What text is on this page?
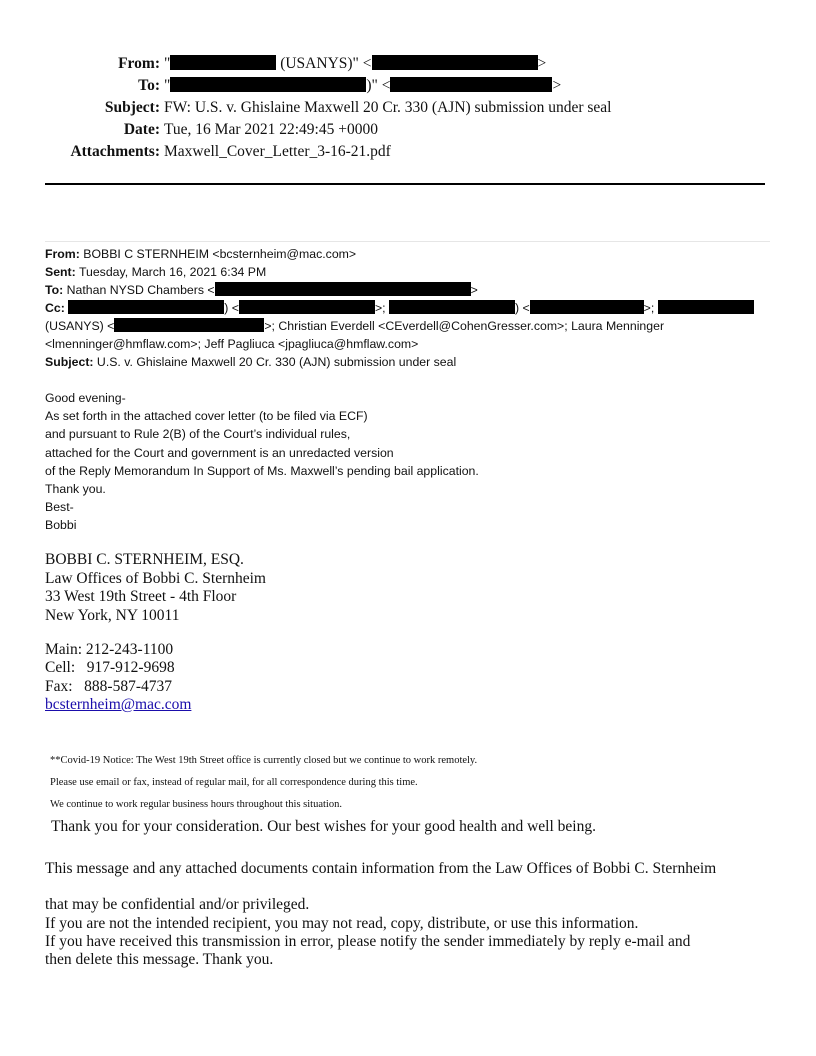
From: "	(USANYS)" <	>
To: "	)" <	>
Subject: FW: U.S. v. Ghislaine Maxwell 20 Cr. 330 (AJN) submission under seal
Date: Tue, 16 Mar 2021 22:49:45 +0000
Attachments: Maxwell_Cover_Letter_3-16-21.pdf
From: BOBBI C STERNHEIM <bcsternheim@mac.com>
Sent: Tuesday, March 16, 2021 6:34 PM
To: Nathan NYSD Chambers <	>
Cc:	) <	>;	) <	>;
(USANYS) <	>; Christian Everdell <CEverdell@CohenGresser.com>; Laura Menninger
<lmenninger@hmflaw.com>; Jeff Pagliuca <jpagliuca@hmflaw.com>
Subject: U.S. v. Ghislaine Maxwell 20 Cr. 330 (AJN) submission under seal
Good evening-
As set forth in the attached cover letter (to be filed via ECF)
and pursuant to Rule 2(B) of the Court’s individual rules,
attached for the Court and government is an unredacted version
of the Reply Memorandum In Support of Ms. Maxwell’s pending bail application.
Thank you.
Best-
Bobbi
BOBBI C. STERNHEIM, ESQ.
Law Offices of Bobbi C. Sternheim
33 West 19th Street - 4th Floor
New York, NY 10011
Main: 212-243-1100
Cell:   917-912-9698
Fax:   888-587-4737
bcsternheim@mac.com
**Covid-19 Notice: The West 19th Street office is currently closed but we continue to work remotely.
Please use email or fax, instead of regular mail, for all correspondence during this time.
We continue to work regular business hours throughout this situation.
Thank you for your consideration. Our best wishes for your good health and well being.
This message and any attached documents contain information from the Law Offices of Bobbi C. Sternheim
that may be confidential and/or privileged.
If you are not the intended recipient, you may not read, copy, distribute, or use this information.
If you have received this transmission in error, please notify the sender immediately by reply e-mail and
then delete this message. Thank you.
